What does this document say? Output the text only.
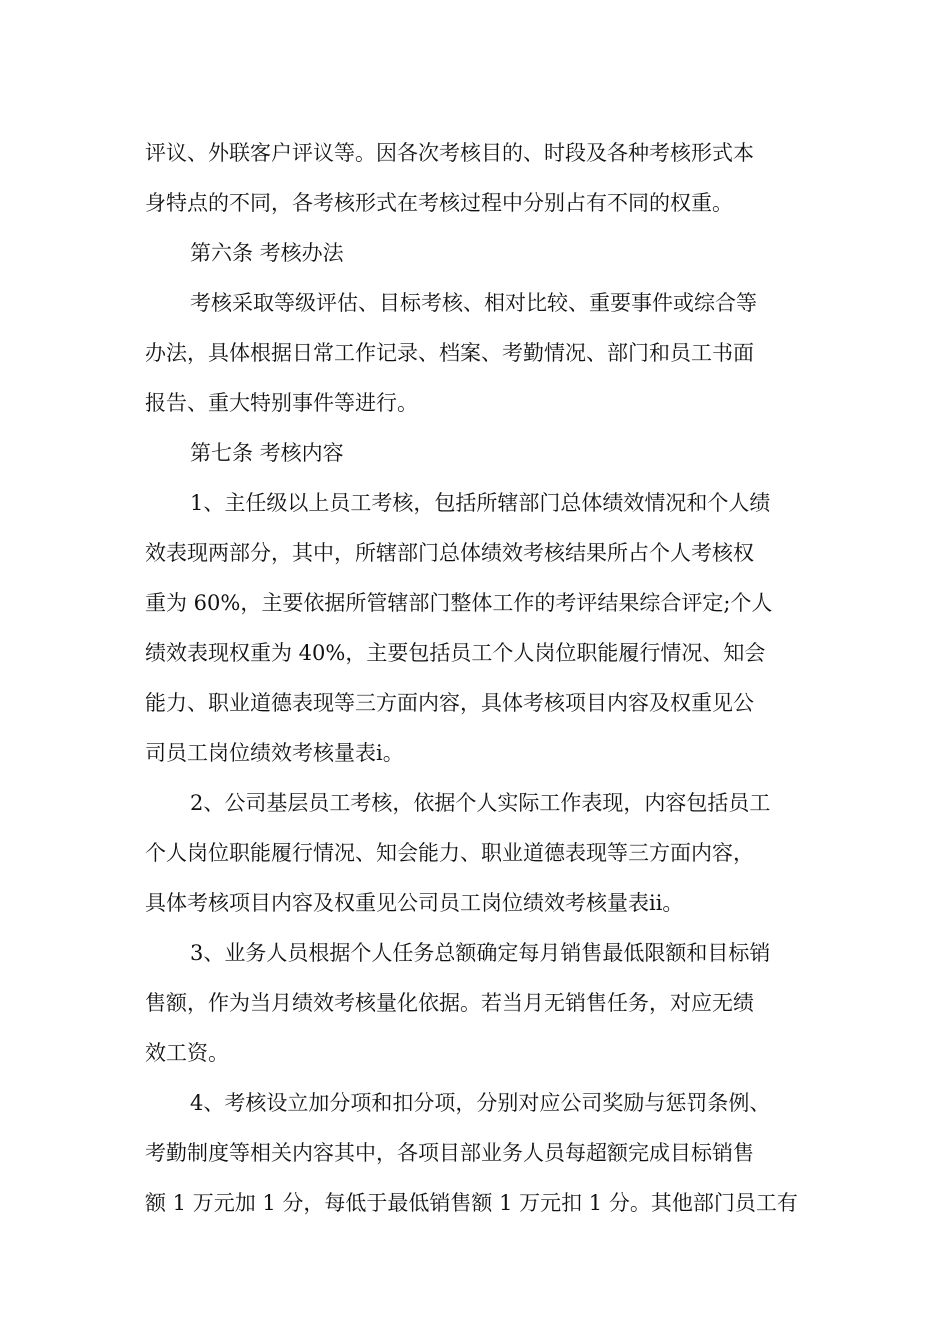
评议、外联客户评议等。因各次考核目的、时段及各种考核形式本
身特点的不同，各考核形式在考核过程中分别占有不同的权重。
第六条 考核办法
考核采取等级评估、目标考核、相对比较、重要事件或综合等
办法，具体根据日常工作记录、档案、考勤情况、部门和员工书面
报告、重大特别事件等进行。
第七条 考核内容
1、主任级以上员工考核，包括所辖部门总体绩效情况和个人绩
效表现两部分，其中，所辖部门总体绩效考核结果所占个人考核权
重为 60%，主要依据所管辖部门整体工作的考评结果综合评定;个人
绩效表现权重为 40%，主要包括员工个人岗位职能履行情况、知会
能力、职业道德表现等三方面内容，具体考核项目内容及权重见公
司员工岗位绩效考核量表ⅰ。
2、公司基层员工考核，依据个人实际工作表现，内容包括员工
个人岗位职能履行情况、知会能力、职业道德表现等三方面内容，
具体考核项目内容及权重见公司员工岗位绩效考核量表ⅱ。
3、业务人员根据个人任务总额确定每月销售最低限额和目标销
售额，作为当月绩效考核量化依据。若当月无销售任务，对应无绩
效工资。
4、考核设立加分项和扣分项，分别对应公司奖励与惩罚条例、
考勤制度等相关内容其中，各项目部业务人员每超额完成目标销售
额 1 万元加 1 分，每低于最低销售额 1 万元扣 1 分。其他部门员工有
